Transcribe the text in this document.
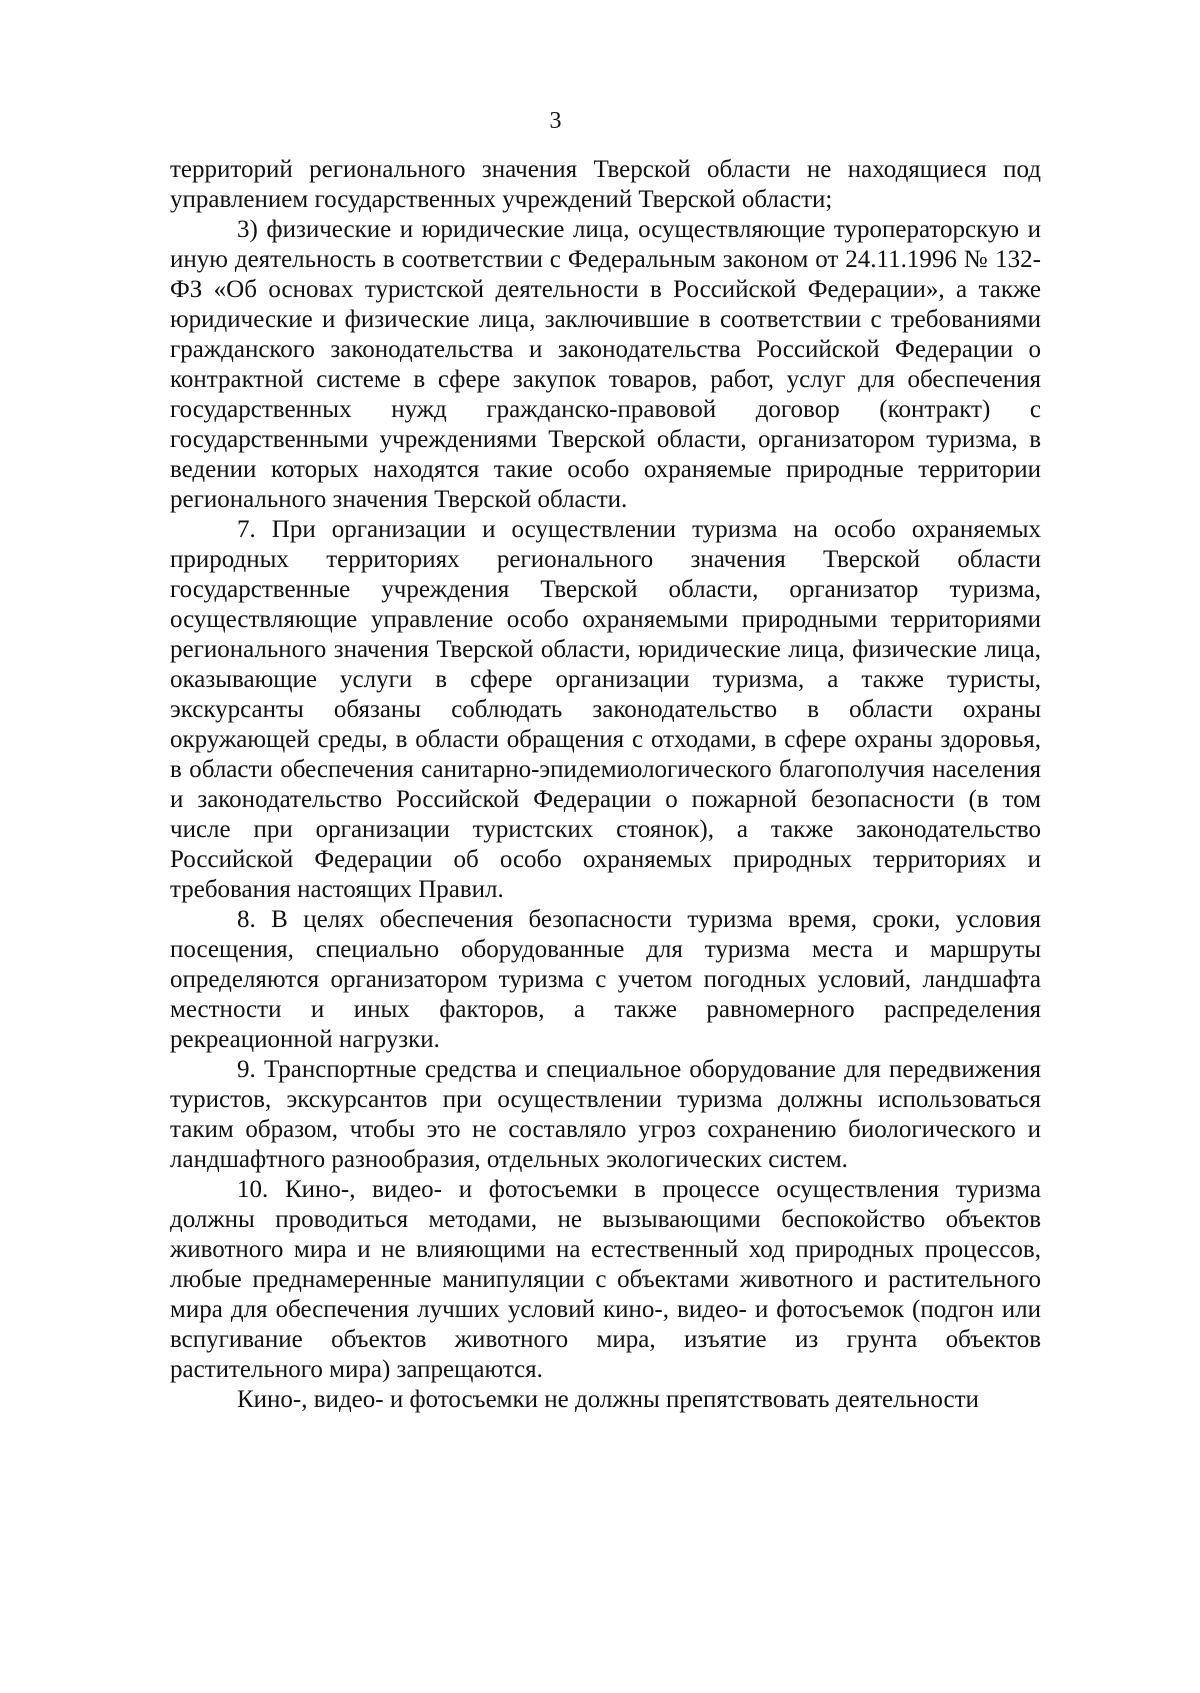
3

территорий регионального значения Тверской области не находящиеся под управлением государственных учреждений Тверской области;

3) физические и юридические лица, осуществляющие туроператорскую и иную деятельность в соответствии с Федеральным законом от 24.11.1996 № 132-ФЗ «Об основах туристской деятельности в Российской Федерации», а также юридические и физические лица, заключившие в соответствии с требованиями гражданского законодательства и законодательства Российской Федерации о контрактной системе в сфере закупок товаров, работ, услуг для обеспечения государственных нужд гражданско-правовой договор (контракт) с государственными учреждениями Тверской области, организатором туризма, в ведении которых находятся такие особо охраняемые природные территории регионального значения Тверской области.

7. При организации и осуществлении туризма на особо охраняемых природных территориях регионального значения Тверской области государственные учреждения Тверской области, организатор туризма, осуществляющие управление особо охраняемыми природными территориями регионального значения Тверской области, юридические лица, физические лица, оказывающие услуги в сфере организации туризма, а также туристы, экскурсанты обязаны соблюдать законодательство в области охраны окружающей среды, в области обращения с отходами, в сфере охраны здоровья, в области обеспечения санитарно-эпидемиологического благополучия населения и законодательство Российской Федерации о пожарной безопасности (в том числе при организации туристских стоянок), а также законодательство Российской Федерации об особо охраняемых природных территориях и требования настоящих Правил.

8. В целях обеспечения безопасности туризма время, сроки, условия посещения, специально оборудованные для туризма места и маршруты определяются организатором туризма с учетом погодных условий, ландшафта местности и иных факторов, а также равномерного распределения рекреационной нагрузки.

9. Транспортные средства и специальное оборудование для передвижения туристов, экскурсантов при осуществлении туризма должны использоваться таким образом, чтобы это не составляло угроз сохранению биологического и ландшафтного разнообразия, отдельных экологических систем.

10. Кино-, видео- и фотосъемки в процессе осуществления туризма должны проводиться методами, не вызывающими беспокойство объектов животного мира и не влияющими на естественный ход природных процессов, любые преднамеренные манипуляции с объектами животного и растительного мира для обеспечения лучших условий кино-, видео- и фотосъемок (подгон или вспугивание объектов животного мира, изъятие из грунта объектов растительного мира) запрещаются.

Кино-, видео- и фотосъемки не должны препятствовать деятельности
